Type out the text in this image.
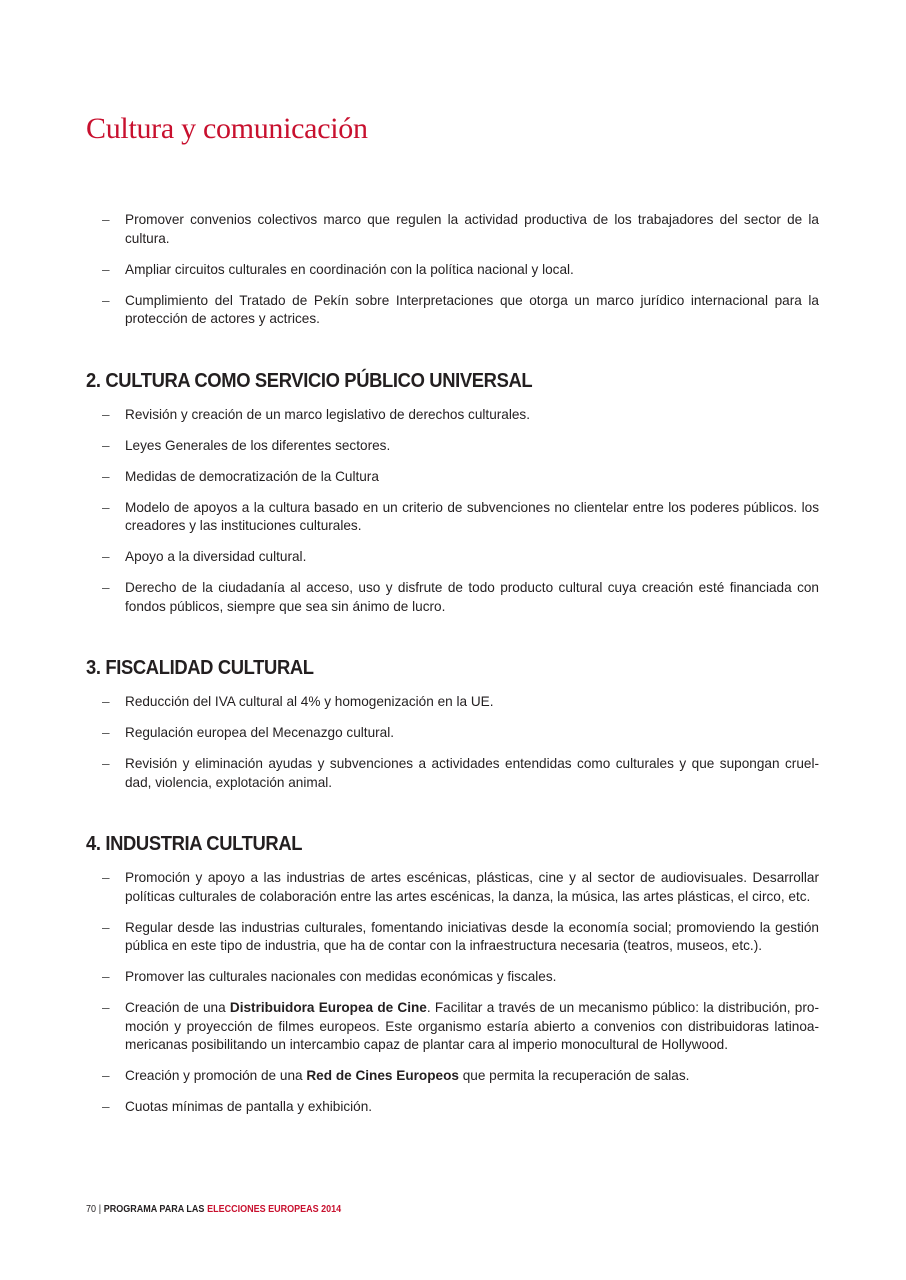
Cultura y comunicación
– Promover convenios colectivos marco que regulen la actividad productiva de los trabajadores del sector de la cultura.
– Ampliar circuitos culturales en coordinación con la política nacional y local.
– Cumplimiento del Tratado de Pekín sobre Interpretaciones que otorga un marco jurídico internacional para la protección de actores y actrices.
2. CULTURA COMO SERVICIO PÚBLICO UNIVERSAL
– Revisión y creación de un marco legislativo de derechos culturales.
– Leyes Generales de los diferentes sectores.
– Medidas de democratización de la Cultura
– Modelo de apoyos a la cultura basado en un criterio de subvenciones no clientelar entre los poderes públicos. los creadores y las instituciones culturales.
– Apoyo a la diversidad cultural.
– Derecho de la ciudadanía al acceso, uso y disfrute de todo producto cultural cuya creación esté financiada con fondos públicos, siempre que sea sin ánimo de lucro.
3. FISCALIDAD CULTURAL
– Reducción del IVA cultural al 4% y homogenización en la UE.
– Regulación europea del Mecenazgo cultural.
– Revisión y eliminación ayudas y subvenciones a actividades entendidas como culturales y que supongan cruel-dad, violencia, explotación animal.
4. INDUSTRIA CULTURAL
– Promoción y apoyo a las industrias de artes escénicas, plásticas, cine y al sector de audiovisuales. Desarrollar políticas culturales de colaboración entre las artes escénicas, la danza, la música, las artes plásticas, el circo, etc.
– Regular desde las industrias culturales, fomentando iniciativas desde la economía social; promoviendo la gestión pública en este tipo de industria, que ha de contar con la infraestructura necesaria (teatros, museos, etc.).
– Promover las culturales nacionales con medidas económicas y fiscales.
– Creación de una Distribuidora Europea de Cine. Facilitar a través de un mecanismo público: la distribución, pro-moción y proyección de filmes europeos. Este organismo estaría abierto a convenios con distribuidoras latinoa-mericanas posibilitando un intercambio capaz de plantar cara al imperio monocultural de Hollywood.
– Creación y promoción de una Red de Cines Europeos que permita la recuperación de salas.
– Cuotas mínimas de pantalla y exhibición.
70 | PROGRAMA PARA LAS ELECCIONES EUROPEAS 2014
